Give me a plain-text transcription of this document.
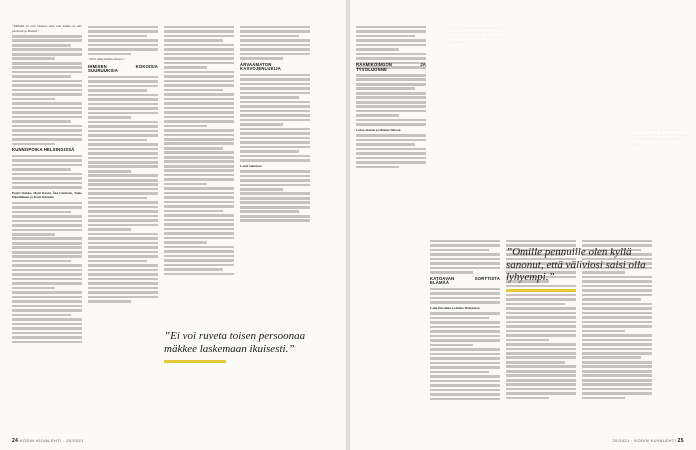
”Mökillä on niin mukava olla, kun kaikki on niin pienessä ja lähellä.”

KUNNOPOIKA HELSINGISSÄ

Pentti Sinkko, Matti Ranin, Åke Lindman, Tapio Hämäläinen ja Kosti Klemelä

”Olen siitä todella iloinen.”

IHMISEN KOKOISIA SUURUUKSIA
ARVAAMATON KASVOJENLUKIJA

Lauri Salmisen

”Ei voi ruveta toisen persoonaa mäkkee laskemaan ikuisesti.”
24 KODIN KUVALEHTI · 20/2021
RAAMIKOINGON JA TYVOLUONNE

Lukas Rautio ja Helena Nilsson

KATOAVAN SORTTISTA ELÄMÄÄ

Laila Havukka ja Reino Helismaan

”Omille pennuille olen kyllä sanonut, että väliviosi saisi olla lyhyempi.”
20/2021 · KODIN KUVALEHTI 25
Eemeli ei haluaisi palata esiintymään nuoruutensa rooleihinsa. Hän ei osta elämäänsä, eikä hänellä ole aikaa olla juhlittavana.
Antti Myyrikään ei ole kuullut hänen kohtansa vanhoja nimiä. Mikään ei ole niin kaunista kuin kesäinen järven ranta.
